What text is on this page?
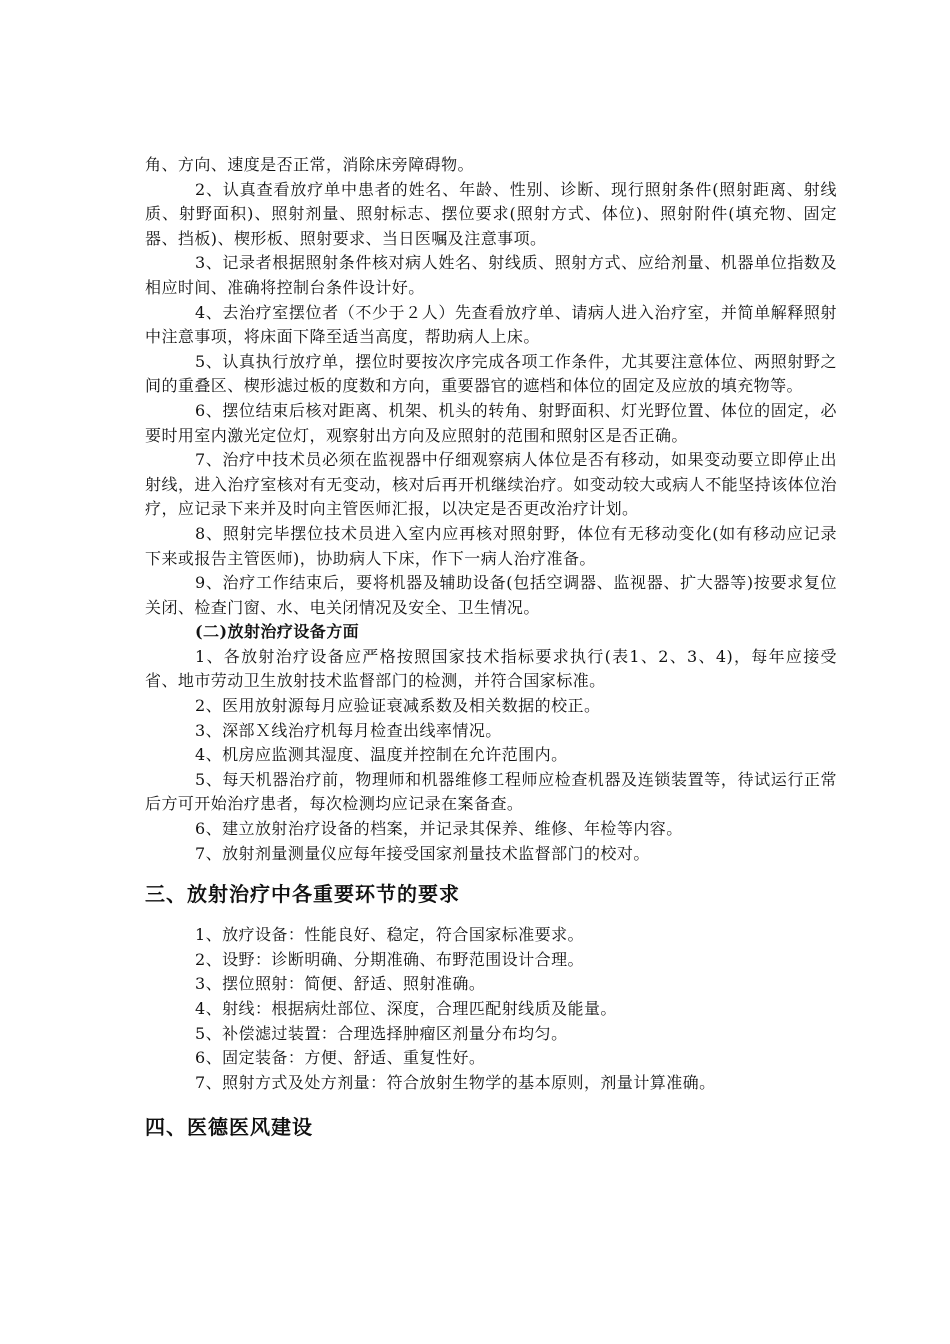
角、方向、速度是否正常，消除床旁障碍物。

2、认真查看放疗单中患者的姓名、年龄、性别、诊断、现行照射条件(照射距离、射线质、射野面积)、照射剂量、照射标志、摆位要求(照射方式、体位)、照射附件(填充物、固定器、挡板)、楔形板、照射要求、当日医嘱及注意事项。

3、记录者根据照射条件核对病人姓名、射线质、照射方式、应给剂量、机器单位指数及相应时间、准确将控制台条件设计好。

4、去治疗室摆位者（不少于２人）先查看放疗单、请病人进入治疗室，并简单解释照射中注意事项，将床面下降至适当高度，帮助病人上床。

5、认真执行放疗单，摆位时要按次序完成各项工作条件，尤其要注意体位、两照射野之间的重叠区、楔形滤过板的度数和方向，重要器官的遮档和体位的固定及应放的填充物等。

6、摆位结束后核对距离、机架、机头的转角、射野面积、灯光野位置、体位的固定，必要时用室内激光定位灯，观察射出方向及应照射的范围和照射区是否正确。

7、治疗中技术员必须在监视器中仔细观察病人体位是否有移动，如果变动要立即停止出射线，进入治疗室核对有无变动，核对后再开机继续治疗。如变动较大或病人不能坚持该体位治疗，应记录下来并及时向主管医师汇报，以决定是否更改治疗计划。

8、照射完毕摆位技术员进入室内应再核对照射野，体位有无移动变化(如有移动应记录下来或报告主管医师)，协助病人下床，作下一病人治疗准备。

9、治疗工作结束后，要将机器及辅助设备(包括空调器、监视器、扩大器等)按要求复位关闭、检查门窗、水、电关闭情况及安全、卫生情况。

(二)放射治疗设备方面

1、各放射治疗设备应严格按照国家技术指标要求执行(表1、2、3、4)，每年应接受省、地市劳动卫生放射技术监督部门的检测，并符合国家标准。

2、医用放射源每月应验证衰减系数及相关数据的校正。

3、深部Ｘ线治疗机每月检查出线率情况。

4、机房应监测其湿度、温度并控制在允许范围内。

5、每天机器治疗前，物理师和机器维修工程师应检查机器及连锁装置等，待试运行正常后方可开始治疗患者，每次检测均应记录在案备查。

6、建立放射治疗设备的档案，并记录其保养、维修、年检等内容。

7、放射剂量测量仪应每年接受国家剂量技术监督部门的校对。

三、放射治疗中各重要环节的要求

1、放疗设备：性能良好、稳定，符合国家标准要求。

2、设野：诊断明确、分期准确、布野范围设计合理。

3、摆位照射：简便、舒适、照射准确。

4、射线：根据病灶部位、深度，合理匹配射线质及能量。

5、补偿滤过装置：合理选择肿瘤区剂量分布均匀。

6、固定装备：方便、舒适、重复性好。

7、照射方式及处方剂量：符合放射生物学的基本原则，剂量计算准确。

四、医德医风建设
